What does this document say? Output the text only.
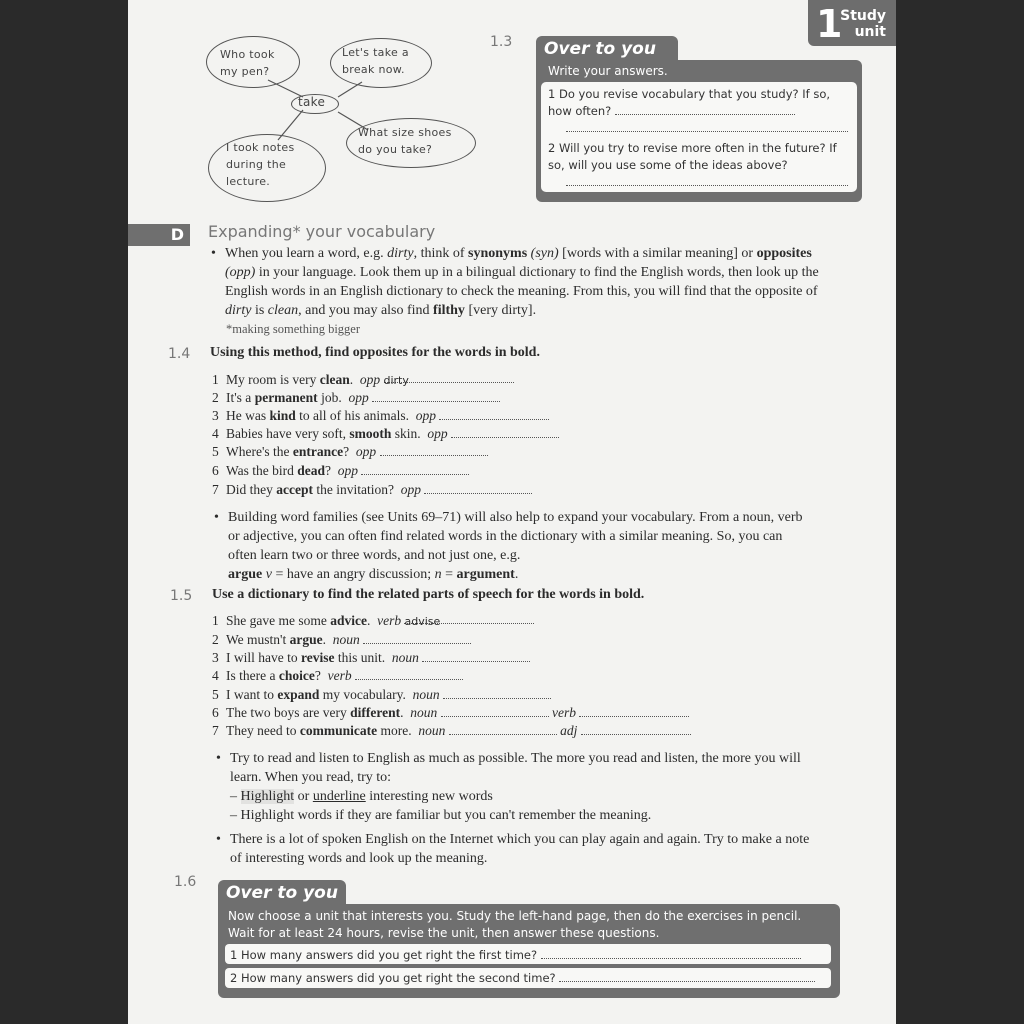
1
Study
unit
Who took my pen?
Let's take a break now.
take
What size shoes do you take?
I took notes during the lecture.
1.3	Over to you
Write your answers.
1 Do you revise vocabulary that you study? If so, how often?

2 Will you try to revise more often in the future? If so, will you use some of the ideas above?

D	Expanding* your vocabulary
• When you learn a word, e.g. dirty, think of synonyms (syn) [words with a similar meaning] or opposites (opp) in your language. Look them up in a bilingual dictionary to find the English words, then look up the English words in an English dictionary to check the meaning. From this, you will find that the opposite of dirty is clean, and you may also find filthy [very dirty].
*making something bigger
1.4 Using this method, find opposites for the words in bold.
1 My room is very clean.  opp dirty
2 It's a permanent job.  opp
3 He was kind to all of his animals.  opp
4 Babies have very soft, smooth skin.  opp
5 Where's the entrance?  opp
6 Was the bird dead?  opp
7 Did they accept the invitation?  opp
• Building word families (see Units 69–71) will also help to expand your vocabulary. From a noun, verb or adjective, you can often find related words in the dictionary with a similar meaning. So, you can often learn two or three words, and not just one, e.g.
argue v = have an angry discussion; n = argument.
1.5 Use a dictionary to find the related parts of speech for the words in bold.
1 She gave me some advice.  verb advise
2 We mustn't argue.  noun
3 I will have to revise this unit.  noun
4 Is there a choice?  verb
5 I want to expand my vocabulary.  noun
6 The two boys are very different.  noun	verb
7 They need to communicate more.  noun	adj
• Try to read and listen to English as much as possible. The more you read and listen, the more you will learn. When you read, try to:
– Highlight or underline interesting new words
– Highlight words if they are familiar but you can't remember the meaning.
• There is a lot of spoken English on the Internet which you can play again and again. Try to make a note of interesting words and look up the meaning.
1.6
Over to you
Now choose a unit that interests you. Study the left-hand page, then do the exercises in pencil. Wait for at least 24 hours, revise the unit, then answer these questions.
1 How many answers did you get right the first time?
2 How many answers did you get right the second time?
